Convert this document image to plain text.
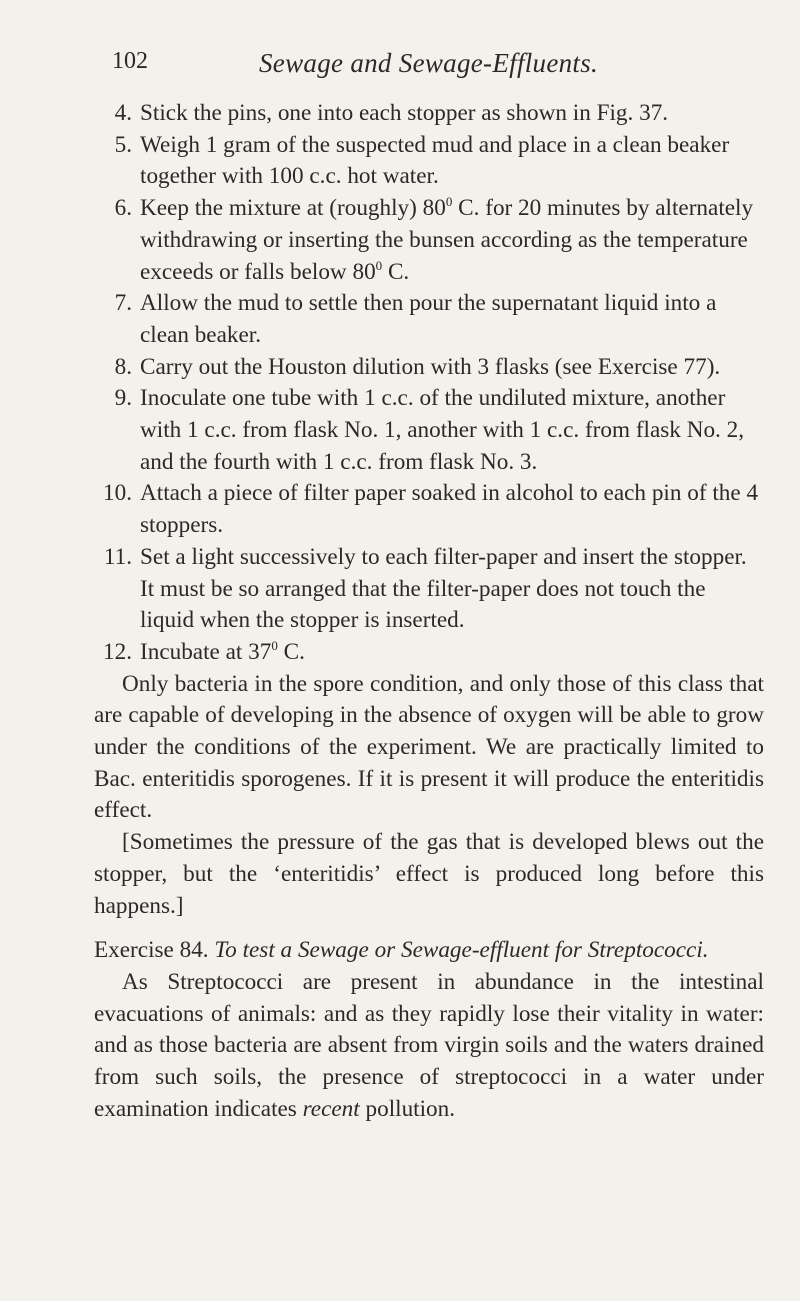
102	Sewage and Sewage-Effluents.
4. Stick the pins, one into each stopper as shown in Fig. 37.
5. Weigh 1 gram of the suspected mud and place in a clean beaker together with 100 c.c. hot water.
6. Keep the mixture at (roughly) $80^0$ C. for 20 minutes by alternately withdrawing or inserting the bunsen according as the temperature exceeds or falls below $80^0$ C.
7. Allow the mud to settle then pour the supernatant liquid into a clean beaker.
8. Carry out the Houston dilution with 3 flasks (see Exercise 77).
9. Inoculate one tube with 1 c.c. of the undiluted mixture, another with 1 c.c. from flask No. 1, another with 1 c.c. from flask No. 2, and the fourth with 1 c.c. from flask No. 3.
10. Attach a piece of filter paper soaked in alcohol to each pin of the 4 stoppers.
11. Set a light successively to each filter-paper and insert the stopper. It must be so arranged that the filter-paper does not touch the liquid when the stopper is inserted.
12. Incubate at $37^0$ C.

Only bacteria in the spore condition, and only those of this class that are capable of developing in the absence of oxygen will be able to grow under the conditions of the experiment. We are practically limited to Bac. enteritidis sporogenes. If it is present it will produce the enteritidis effect.

[Sometimes the pressure of the gas that is developed blews out the stopper, but the ‘enteritidis’ effect is produced long before this happens.]

Exercise 84. To test a Sewage or Sewage-effluent for Streptococci.

As Streptococci are present in abundance in the intestinal evacuations of animals: and as they rapidly lose their vitality in water: and as those bacteria are absent from virgin soils and the waters drained from such soils, the presence of streptococci in a water under examination indicates recent pollution.
